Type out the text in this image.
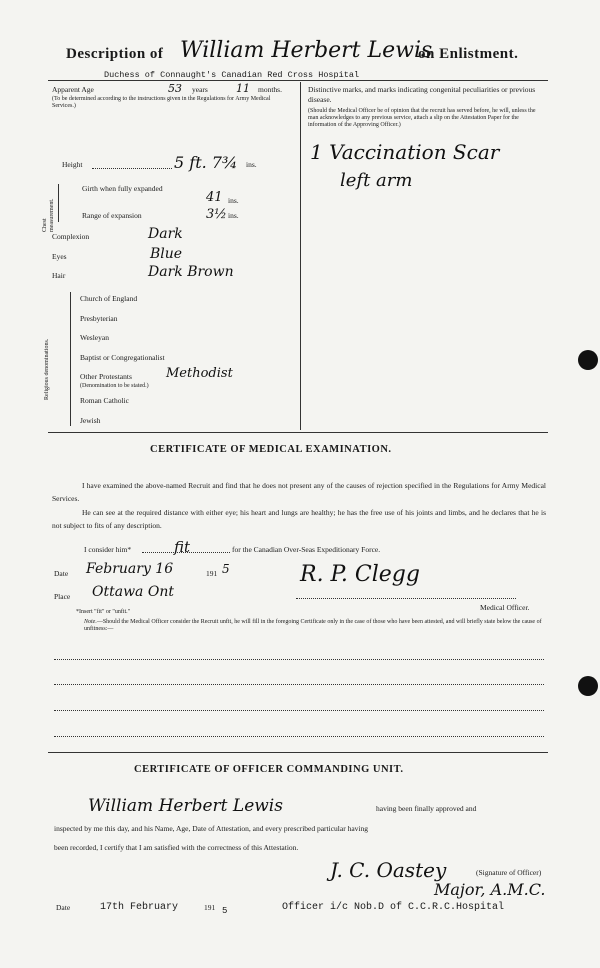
Description of William Herbert Lewis
on Enlistment.
Duchess of Connaught's Canadian Red Cross Hospital
Apparent Age	53 years	11 months.
(To be determined according to the instructions given in the Regulations for Army Medical Services.)
Height	5 ft. 7¾ ins.
Chest measurement.
Girth when fully expanded
41 ins.
Range of expansion	3½ ins.
Complexion	Dark
Eyes	Blue
Hair	Dark Brown
Religious denominations.
Church of England
Presbyterian
Wesleyan
Baptist or Congregationalist
Other Protestants	Methodist
(Denomination to be stated.)
Roman Catholic
Jewish
Distinctive marks, and marks indicating congenital peculiarities or previous disease.
(Should the Medical Officer be of opinion that the recruit has served before, he will, unless the man acknowledges to any previous service, attach a slip on the Attestation Paper for the information of the Approving Officer.)
1 Vaccination Scar
left arm
CERTIFICATE OF MEDICAL EXAMINATION.
I have examined the above-named Recruit and find that he does not present any of the causes of rejection specified in the Regulations for Army Medical Services.
He can see at the required distance with either eye; his heart and lungs are healthy; he has the free use of his joints and limbs, and he declares that he is not subject to fits of any description.
I consider him*	fit	for the Canadian Over-Seas Expeditionary Force.
Date February 16	191 5	R. P. Clegg
Place Ottawa Ont
Medical Officer.
*Insert "fit" or "unfit."
Note.—Should the Medical Officer consider the Recruit unfit, he will fill in the foregoing Certificate only in the case of those who have been attested, and will briefly state below the cause of unfitness:—
CERTIFICATE OF OFFICER COMMANDING UNIT.
William Herbert Lewis	having been finally approved and
inspected by me this day, and his Name, Age, Date of Attestation, and every prescribed particular having
been recorded, I certify that I am satisfied with the correctness of this Attestation.
J. C. Oastey	(Signature of Officer)
Major, A.M.C.
Date	17th February	191 5	Officer i/c Nob.D of C.C.R.C.Hospital
